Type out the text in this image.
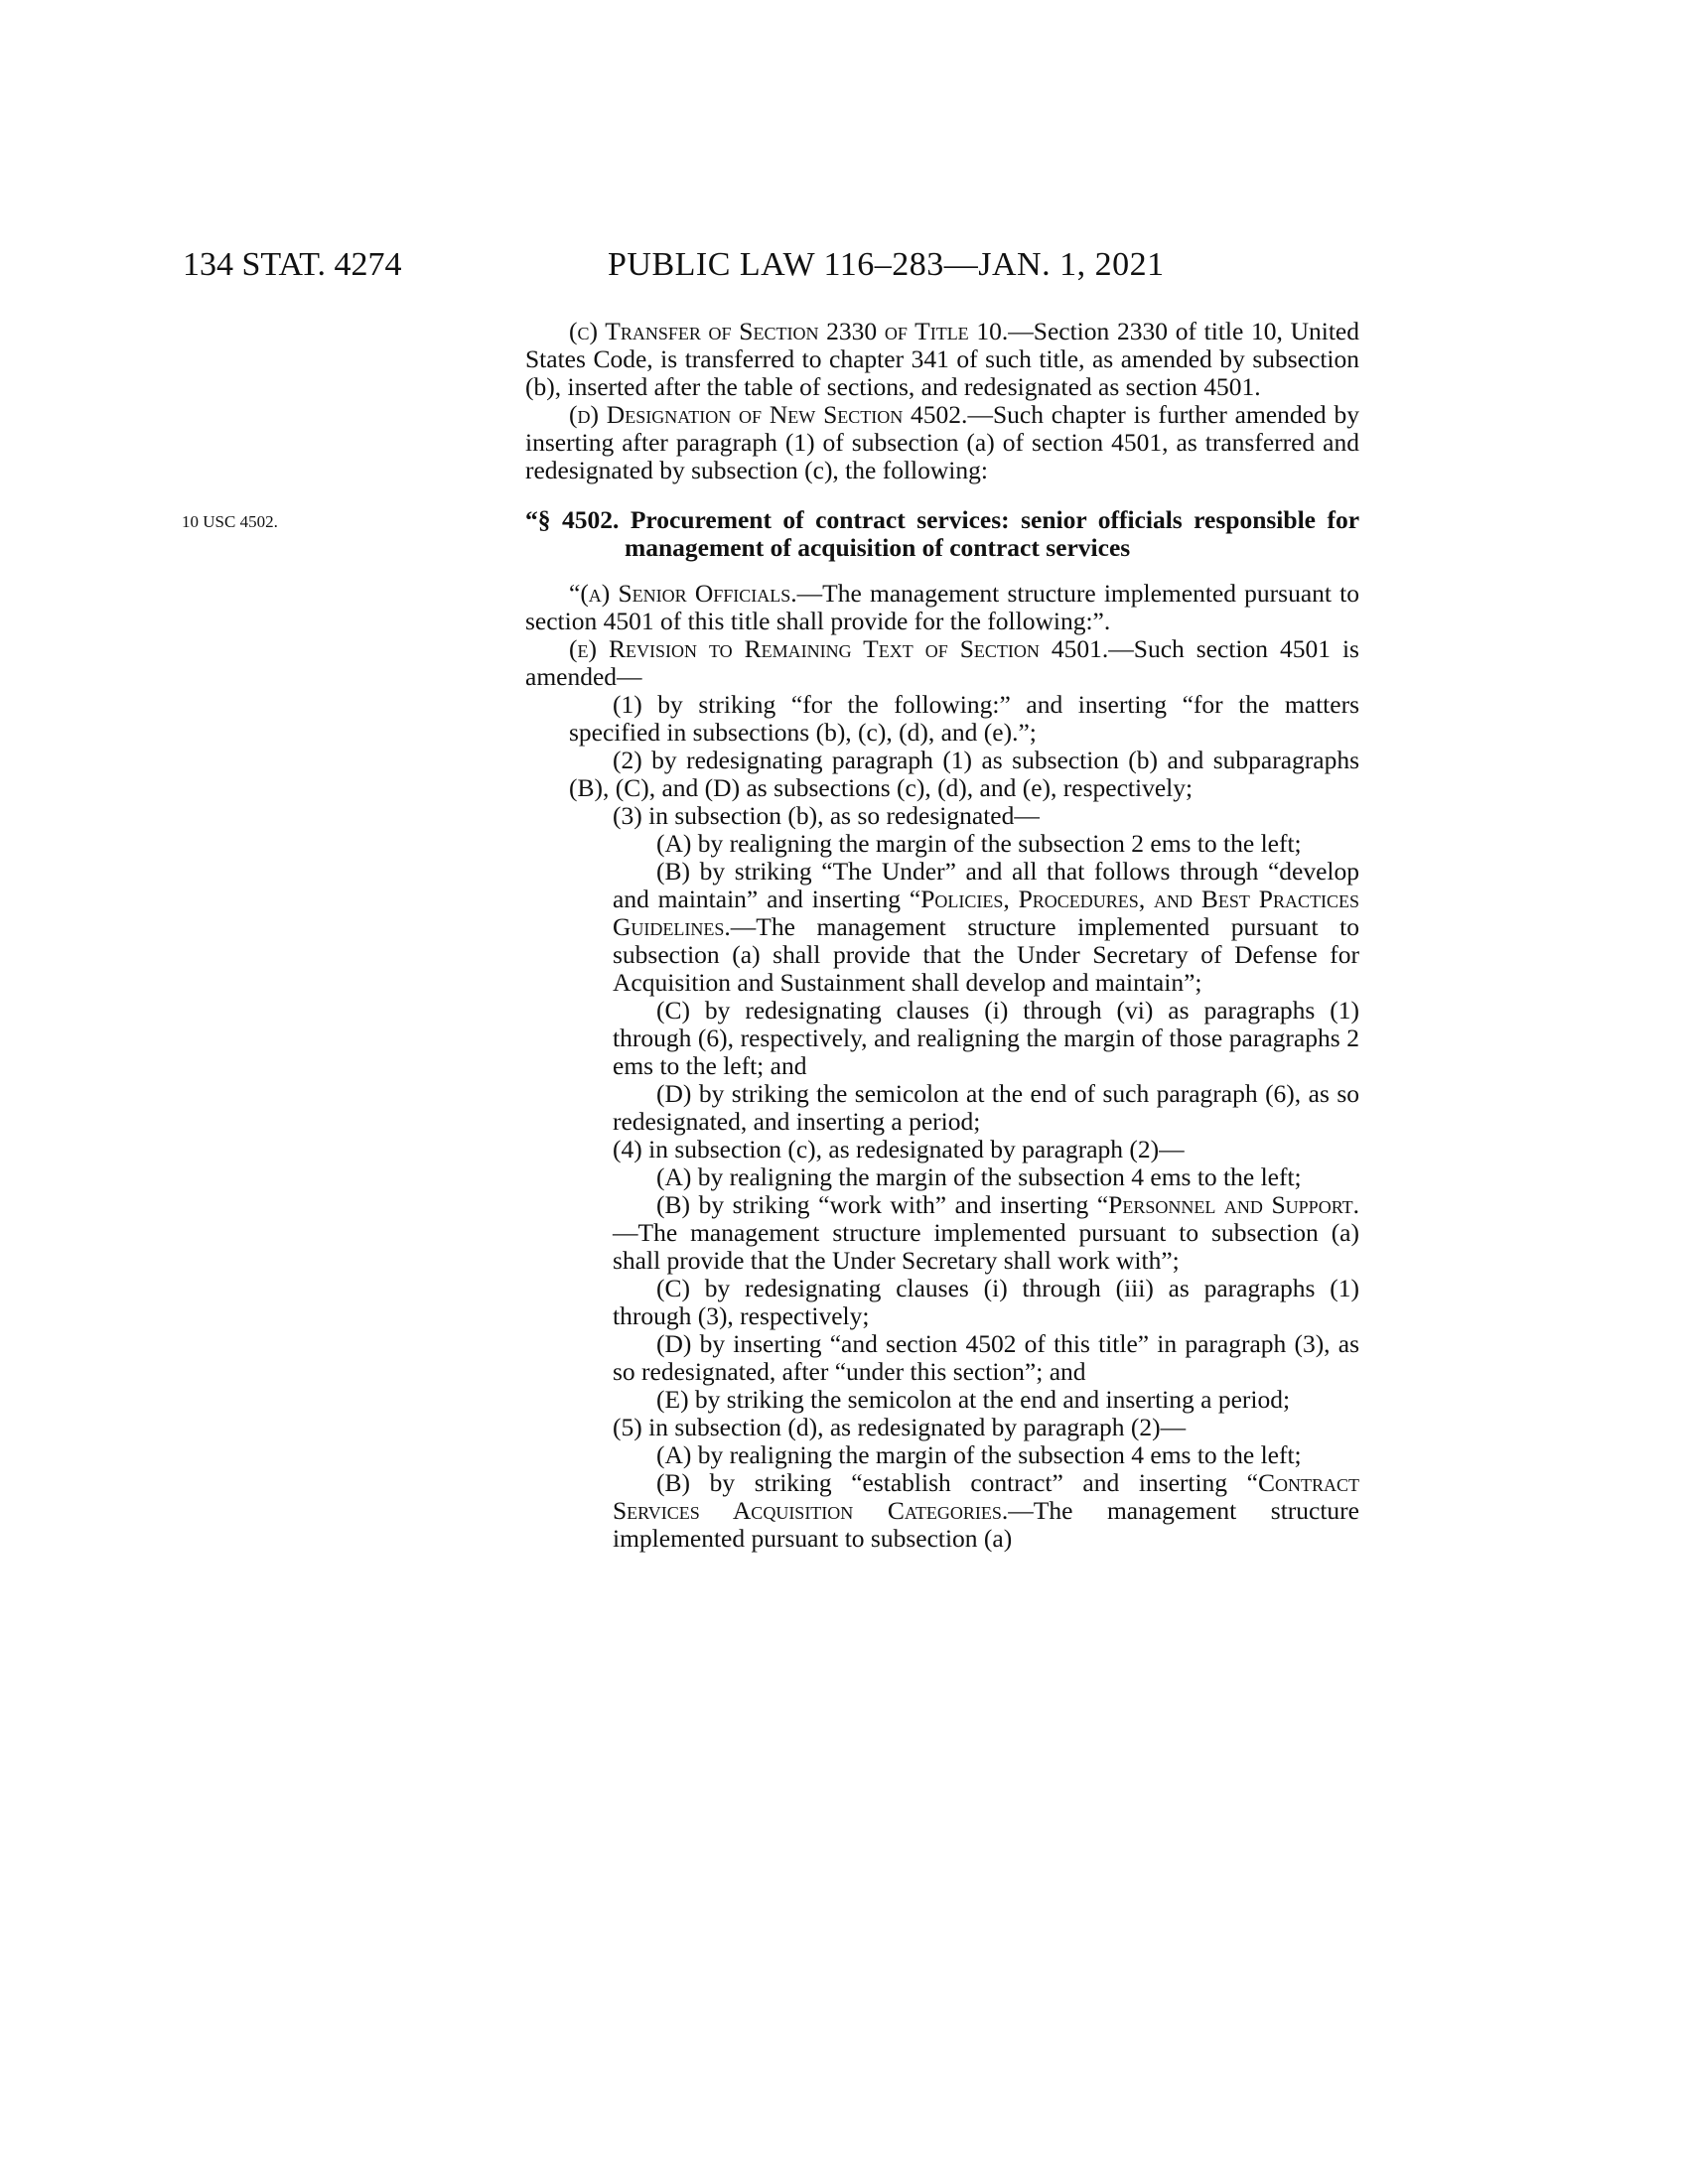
134 STAT. 4274	PUBLIC LAW 116–283—JAN. 1, 2021

(c) Transfer of Section 2330 of Title 10.—Section 2330 of title 10, United States Code, is transferred to chapter 341 of such title, as amended by subsection (b), inserted after the table of sections, and redesignated as section 4501.

(d) Designation of New Section 4502.—Such chapter is further amended by inserting after paragraph (1) of subsection (a) of section 4501, as transferred and redesignated by subsection (c), the following:

10 USC 4502.	“§ 4502. Procurement of contract services: senior officials responsible for management of acquisition of contract services

“(a) Senior Officials.—The management structure implemented pursuant to section 4501 of this title shall provide for the following:”.

(e) Revision to Remaining Text of Section 4501.—Such section 4501 is amended—

(1) by striking “for the following:” and inserting “for the matters specified in subsections (b), (c), (d), and (e).”;

(2) by redesignating paragraph (1) as subsection (b) and subparagraphs (B), (C), and (D) as subsections (c), (d), and (e), respectively;

(3) in subsection (b), as so redesignated—

(A) by realigning the margin of the subsection 2 ems to the left;

(B) by striking “The Under” and all that follows through “develop and maintain” and inserting “Policies, Procedures, and Best Practices Guidelines.—The management structure implemented pursuant to subsection (a) shall provide that the Under Secretary of Defense for Acquisition and Sustainment shall develop and maintain”;

(C) by redesignating clauses (i) through (vi) as paragraphs (1) through (6), respectively, and realigning the margin of those paragraphs 2 ems to the left; and

(D) by striking the semicolon at the end of such paragraph (6), as so redesignated, and inserting a period;

(4) in subsection (c), as redesignated by paragraph (2)—

(A) by realigning the margin of the subsection 4 ems to the left;

(B) by striking “work with” and inserting “Personnel and Support.—The management structure implemented pursuant to subsection (a) shall provide that the Under Secretary shall work with”;

(C) by redesignating clauses (i) through (iii) as paragraphs (1) through (3), respectively;

(D) by inserting “and section 4502 of this title” in paragraph (3), as so redesignated, after “under this section”; and

(E) by striking the semicolon at the end and inserting a period;

(5) in subsection (d), as redesignated by paragraph (2)—

(A) by realigning the margin of the subsection 4 ems to the left;

(B) by striking “establish contract” and inserting “Contract Services Acquisition Categories.—The management structure implemented pursuant to subsection (a)
